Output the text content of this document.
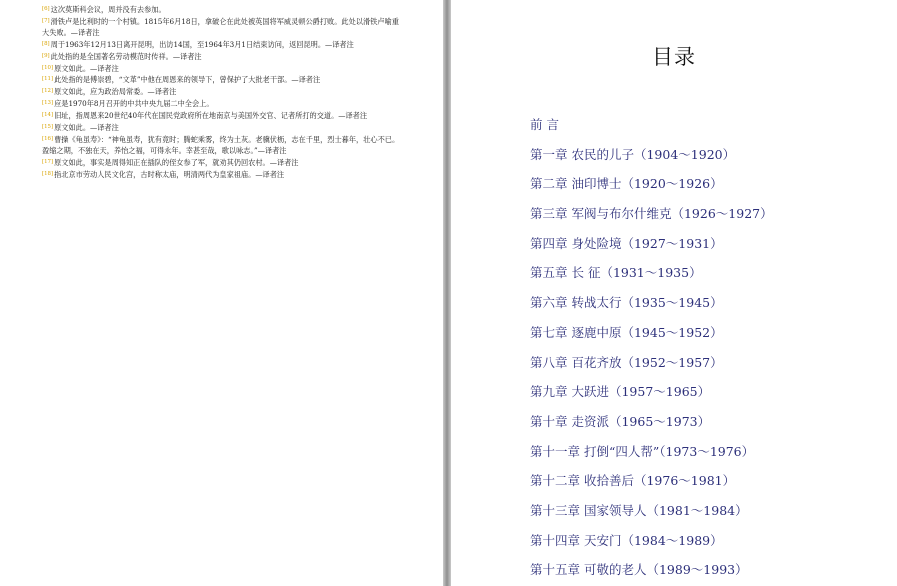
[6]这次莫斯科会议，周并没有去参加。
[7]滑铁卢是比利时的一个村镇。1815年6月18日，拿破仑在此处被英国将军威灵顿公爵打败。此处以滑铁卢喻重大失败。—译者注
[8]周于1963年12月13日离开昆明，出访14国，至1964年3月1日结束访问，返回昆明。—译者注
[9]此处指的是全国著名劳动模范时传祥。—译者注
[10]原文如此。—译者注
[11]此处指的是傅崇碧，“文革”中他在周恩来的领导下，曾保护了大批老干部。—译者注
[12]原文如此，应为政治局常委。—译者注
[13]应是1970年8月召开的中共中央九届二中全会上。
[14]旧址，指周恩来20世纪40年代在国民党政府所在地南京与美国外交官、记者所打的交道。—译者注
[15]原文如此。—译者注
[16]曹操《龟虽寿》：“神龟虽寿，犹有竟时；腾蛇乘雾，终为土灰。老骥伏枥，志在千里，烈士暮年，壮心不已。盈缩之期，不独在天，养怡之福，可得永年。幸甚至哉，歌以咏志。”—译者注
[17]原文如此，事实是周得知正在插队的侄女参了军，就劝其仍回农村。—译者注
[18]指北京市劳动人民文化宫，古时称太庙，明清两代为皇家祖庙。—译者注
目录
前 言
第一章 农民的儿子（1904～1920）
第二章 油印博士（1920～1926）
第三章 军阀与布尔什维克（1926～1927）
第四章 身处险境（1927～1931）
第五章 长 征（1931～1935）
第六章 转战太行（1935～1945）
第七章 逐鹿中原（1945～1952）
第八章 百花齐放（1952～1957）
第九章 大跃进（1957～1965）
第十章 走资派（1965～1973）
第十一章 打倒“四人帮”（1973～1976）
第十二章 收拾善后（1976～1981）
第十三章 国家领导人（1981～1984）
第十四章 天安门（1984～1989）
第十五章 可敬的老人（1989～1993）
